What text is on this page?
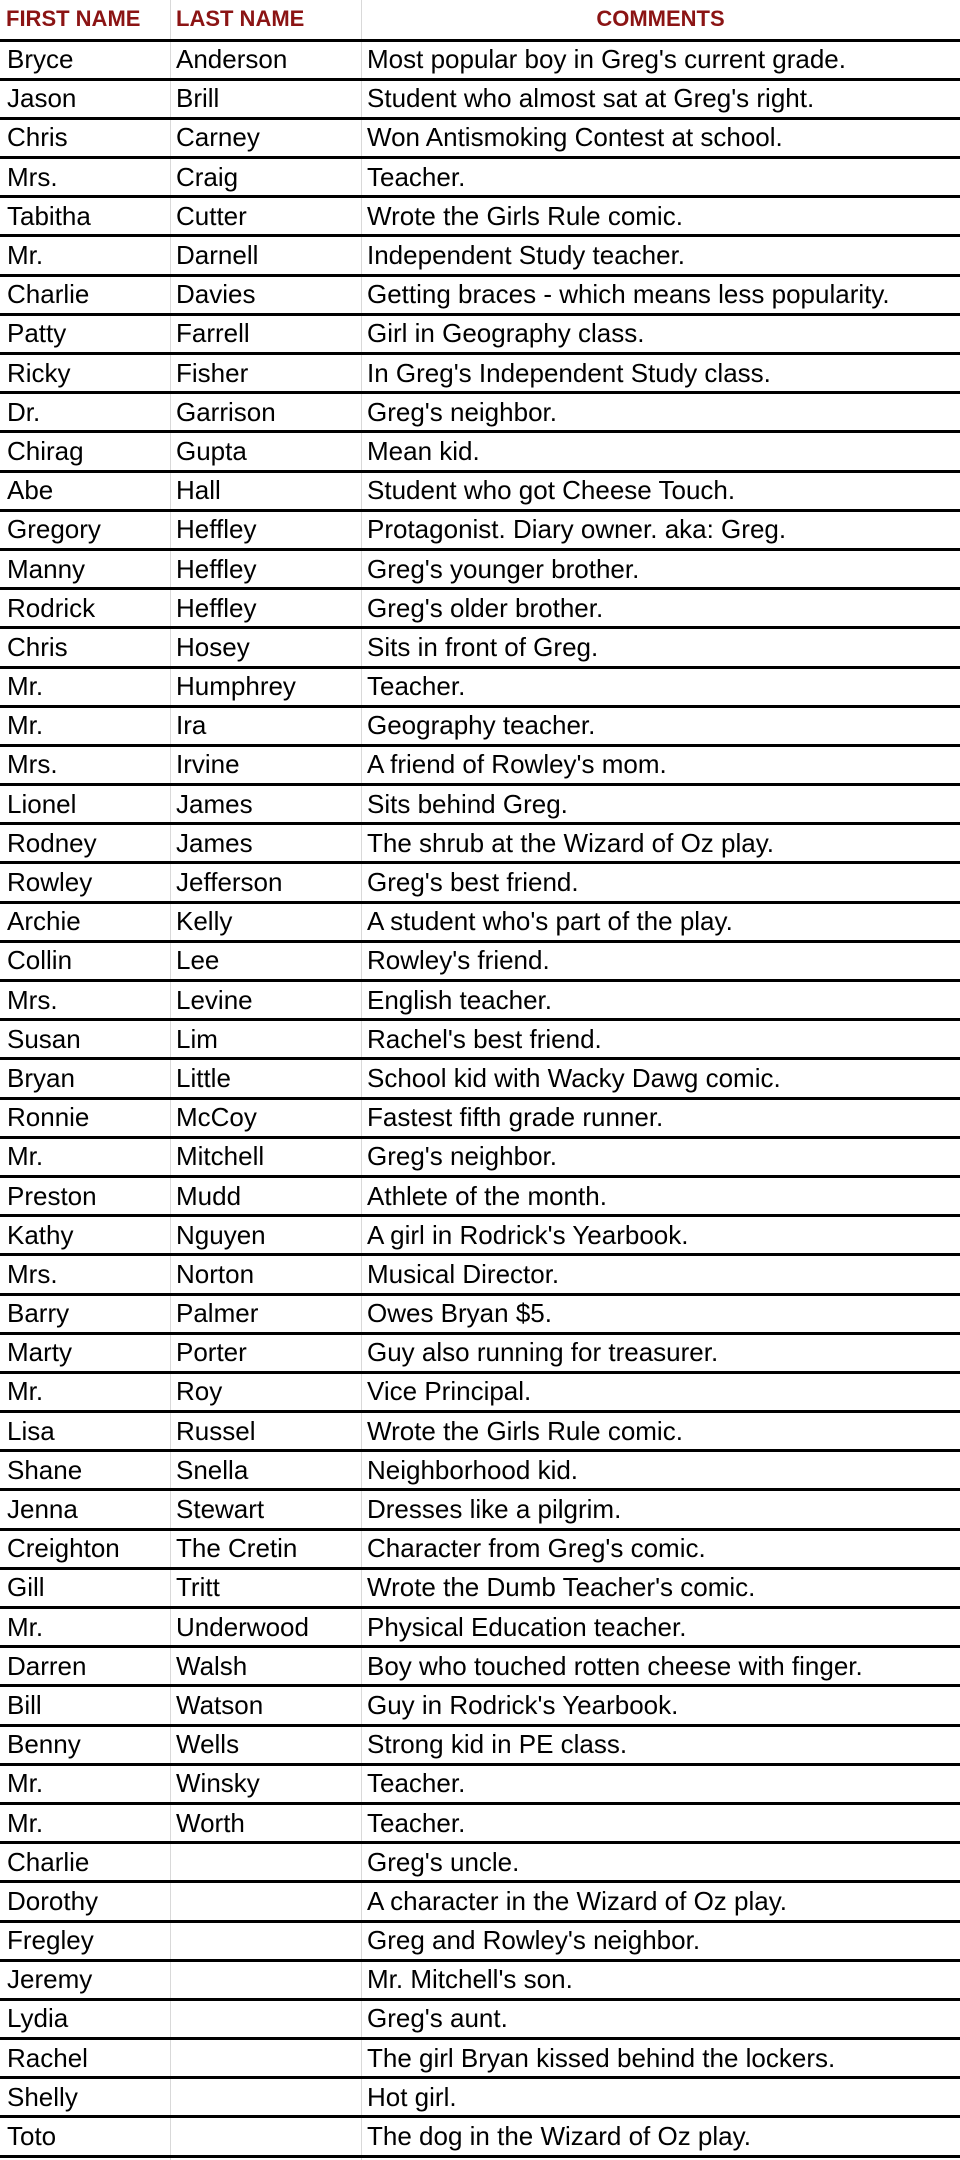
FIRST NAME	LAST NAME	COMMENTS
Bryce	Anderson	Most popular boy in Greg's current grade.
Jason	Brill	Student who almost sat at Greg's right.
Chris	Carney	Won Antismoking Contest at school.
Mrs.	Craig	Teacher.
Tabitha	Cutter	Wrote the Girls Rule comic.
Mr.	Darnell	Independent Study teacher.
Charlie	Davies	Getting braces - which means less popularity.
Patty	Farrell	Girl in Geography class.
Ricky	Fisher	In Greg's Independent Study class.
Dr.	Garrison	Greg's neighbor.
Chirag	Gupta	Mean kid.
Abe	Hall	Student who got Cheese Touch.
Gregory	Heffley	Protagonist. Diary owner. aka: Greg.
Manny	Heffley	Greg's younger brother.
Rodrick	Heffley	Greg's older brother.
Chris	Hosey	Sits in front of Greg.
Mr.	Humphrey	Teacher.
Mr.	Ira	Geography teacher.
Mrs.	Irvine	A friend of Rowley's mom.
Lionel	James	Sits behind Greg.
Rodney	James	The shrub at the Wizard of Oz play.
Rowley	Jefferson	Greg's best friend.
Archie	Kelly	A student who's part of the play.
Collin	Lee	Rowley's friend.
Mrs.	Levine	English teacher.
Susan	Lim	Rachel's best friend.
Bryan	Little	School kid with Wacky Dawg comic.
Ronnie	McCoy	Fastest fifth grade runner.
Mr.	Mitchell	Greg's neighbor.
Preston	Mudd	Athlete of the month.
Kathy	Nguyen	A girl in Rodrick's Yearbook.
Mrs.	Norton	Musical Director.
Barry	Palmer	Owes Bryan $5.
Marty	Porter	Guy also running for treasurer.
Mr.	Roy	Vice Principal.
Lisa	Russel	Wrote the Girls Rule comic.
Shane	Snella	Neighborhood kid.
Jenna	Stewart	Dresses like a pilgrim.
Creighton	The Cretin	Character from Greg's comic.
Gill	Tritt	Wrote the Dumb Teacher's comic.
Mr.	Underwood	Physical Education teacher.
Darren	Walsh	Boy who touched rotten cheese with finger.
Bill	Watson	Guy in Rodrick's Yearbook.
Benny	Wells	Strong kid in PE class.
Mr.	Winsky	Teacher.
Mr.	Worth	Teacher.
Charlie		Greg's uncle.
Dorothy		A character in the Wizard of Oz play.
Fregley		Greg and Rowley's neighbor.
Jeremy		Mr. Mitchell's son.
Lydia		Greg's aunt.
Rachel		The girl Bryan kissed behind the lockers.
Shelly		Hot girl.
Toto		The dog in the Wizard of Oz play.
